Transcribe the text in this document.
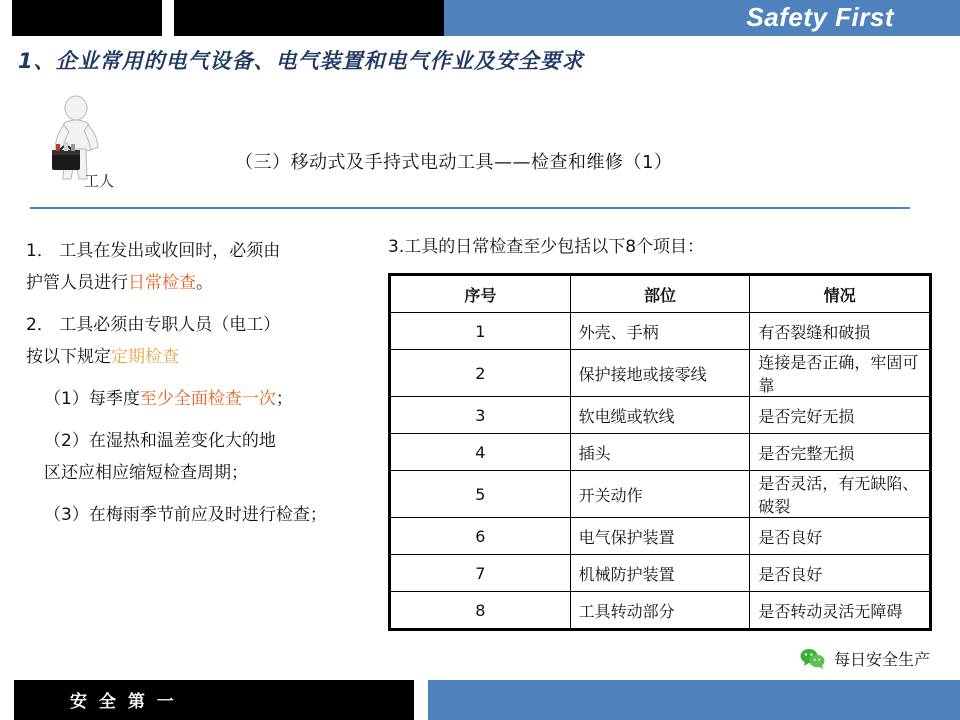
Safety First
1、企业常用的电气设备、电气装置和电气作业及安全要求
工人
（三）移动式及手持式电动工具——检查和维修（1）
1． 工具在发出或收回时，必须由
护管人员进行日常检查。
2． 工具必须由专职人员（电工）
按以下规定定期检查
（1）每季度至少全面检查一次；
（2）在湿热和温差变化大的地
区还应相应缩短检查周期；
（3）在梅雨季节前应及时进行检查；
3.工具的日常检查至少包括以下8个项目：
序号	部位	情况
1	外壳、手柄	有否裂缝和破损
2	保护接地或接零线	连接是否正确，牢固可靠
3	软电缆或软线	是否完好无损
4	插头	是否完整无损
5	开关动作	是否灵活，有无缺陷、破裂
6	电气保护装置	是否良好
7	机械防护装置	是否良好
8	工具转动部分	是否转动灵活无障碍
每日安全生产
安 全 第 一
